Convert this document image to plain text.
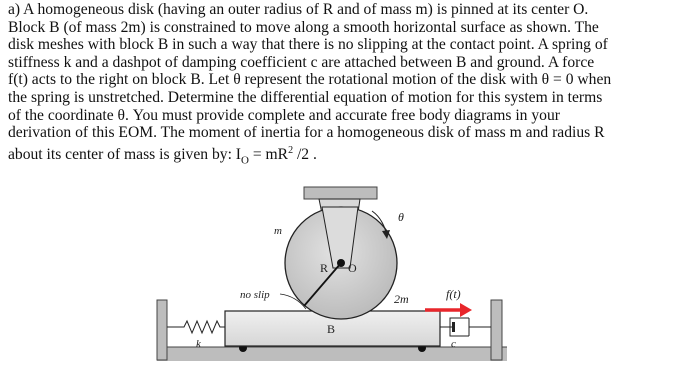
a) A homogeneous disk (having an outer radius of R and of mass m) is pinned at its center O.
Block B (of mass 2m) is constrained to move along a smooth horizontal surface as shown. The
disk meshes with block B in such a way that there is no slipping at the contact point. A spring of
stiffness k and a dashpot of damping coefficient c are attached between B and ground. A force
f(t) acts to the right on block B. Let θ represent the rotational motion of the disk with θ = 0 when
the spring is unstretched. Determine the differential equation of motion for this system in terms
of the coordinate θ. You must provide complete and accurate free body diagrams in your
derivation of this EOM. The moment of inertia for a homogeneous disk of mass m and radius R
about its center of mass is given by: $I_O = mR^2$ /2 .
B
2m
k	c
f(t)
R O
m
θ
no slip
